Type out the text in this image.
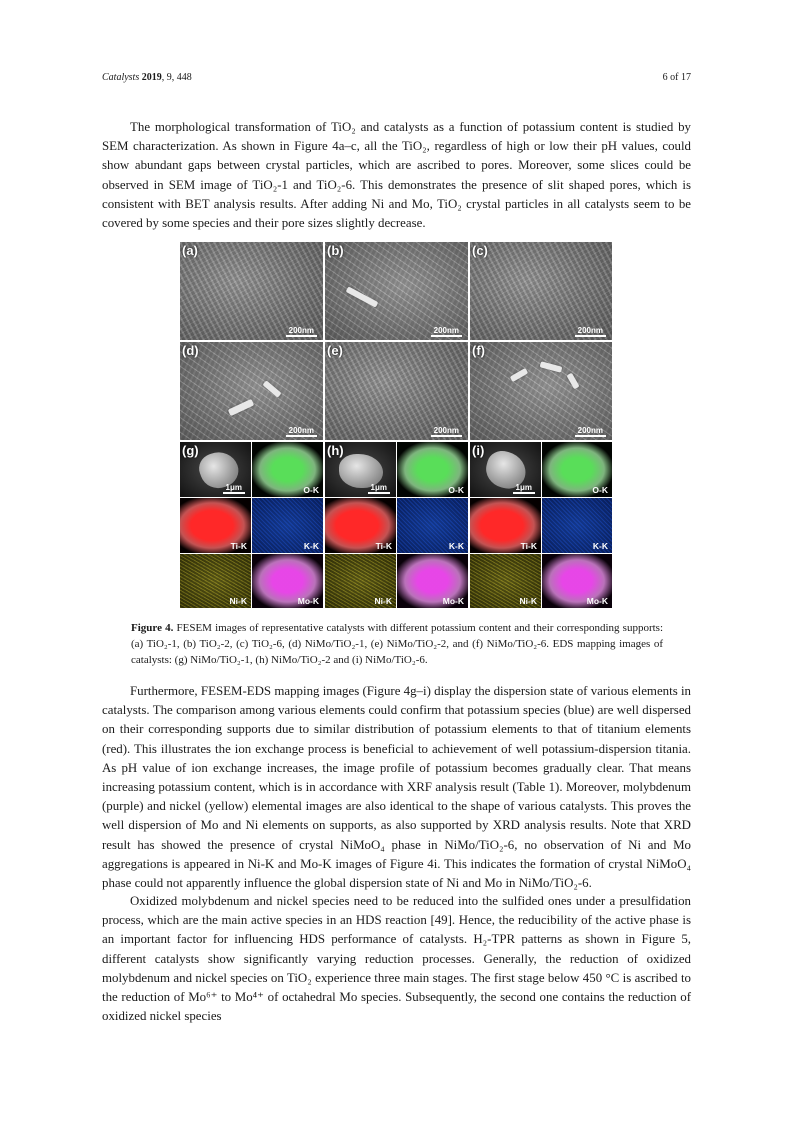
Catalysts 2019, 9, 448	6 of 17

The morphological transformation of TiO₂ and catalysts as a function of potassium content is studied by SEM characterization. As shown in Figure 4a–c, all the TiO₂, regardless of high or low their pH values, could show abundant gaps between crystal particles, which are ascribed to pores. Moreover, some slices could be observed in SEM image of TiO₂-1 and TiO₂-6. This demonstrates the presence of slit shaped pores, which is consistent with BET analysis results. After adding Ni and Mo, TiO₂ crystal particles in all catalysts seem to be covered by some species and their pore sizes slightly decrease.

(a)
200nm
(b)
200nm
(c)
200nm
(d)
200nm
(e)
200nm
(f)
200nm
(g)
1μm	O-K
Ti-K	K-K
Ni-K	Mo-K
(h)
1μm	O-K
Ti-K	K-K
Ni-K	Mo-K
(i)
1μm	O-K
Ti-K	K-K
Ni-K	Mo-K

Figure 4. FESEM images of representative catalysts with different potassium content and their corresponding supports: (a) TiO₂-1, (b) TiO₂-2, (c) TiO₂-6, (d) NiMo/TiO₂-1, (e) NiMo/TiO₂-2, and (f) NiMo/TiO₂-6. EDS mapping images of catalysts: (g) NiMo/TiO₂-1, (h) NiMo/TiO₂-2 and (i) NiMo/TiO₂-6.

Furthermore, FESEM-EDS mapping images (Figure 4g–i) display the dispersion state of various elements in catalysts. The comparison among various elements could confirm that potassium species (blue) are well dispersed on their corresponding supports due to similar distribution of potassium elements to that of titanium elements (red). This illustrates the ion exchange process is beneficial to achievement of well potassium-dispersion titania. As pH value of ion exchange increases, the image profile of potassium becomes gradually clear. That means increasing potassium content, which is in accordance with XRF analysis result (Table 1). Moreover, molybdenum (purple) and nickel (yellow) elemental images are also identical to the shape of various catalysts. This proves the well dispersion of Mo and Ni elements on supports, as also supported by XRD analysis results. Note that XRD result has showed the presence of crystal NiMoO₄ phase in NiMo/TiO₂-6, no observation of Ni and Mo aggregations is appeared in Ni-K and Mo-K images of Figure 4i. This indicates the formation of crystal NiMoO₄ phase could not apparently influence the global dispersion state of Ni and Mo in NiMo/TiO₂-6.

Oxidized molybdenum and nickel species need to be reduced into the sulfided ones under a presulfidation process, which are the main active species in an HDS reaction [49]. Hence, the reducibility of the active phase is an important factor for influencing HDS performance of catalysts. H₂-TPR patterns as shown in Figure 5, different catalysts show significantly varying reduction processes. Generally, the reduction of oxidized molybdenum and nickel species on TiO₂ experience three main stages. The first stage below 450 °C is ascribed to the reduction of Mo⁶⁺ to Mo⁴⁺ of octahedral Mo species. Subsequently, the second one contains the reduction of oxidized nickel species
